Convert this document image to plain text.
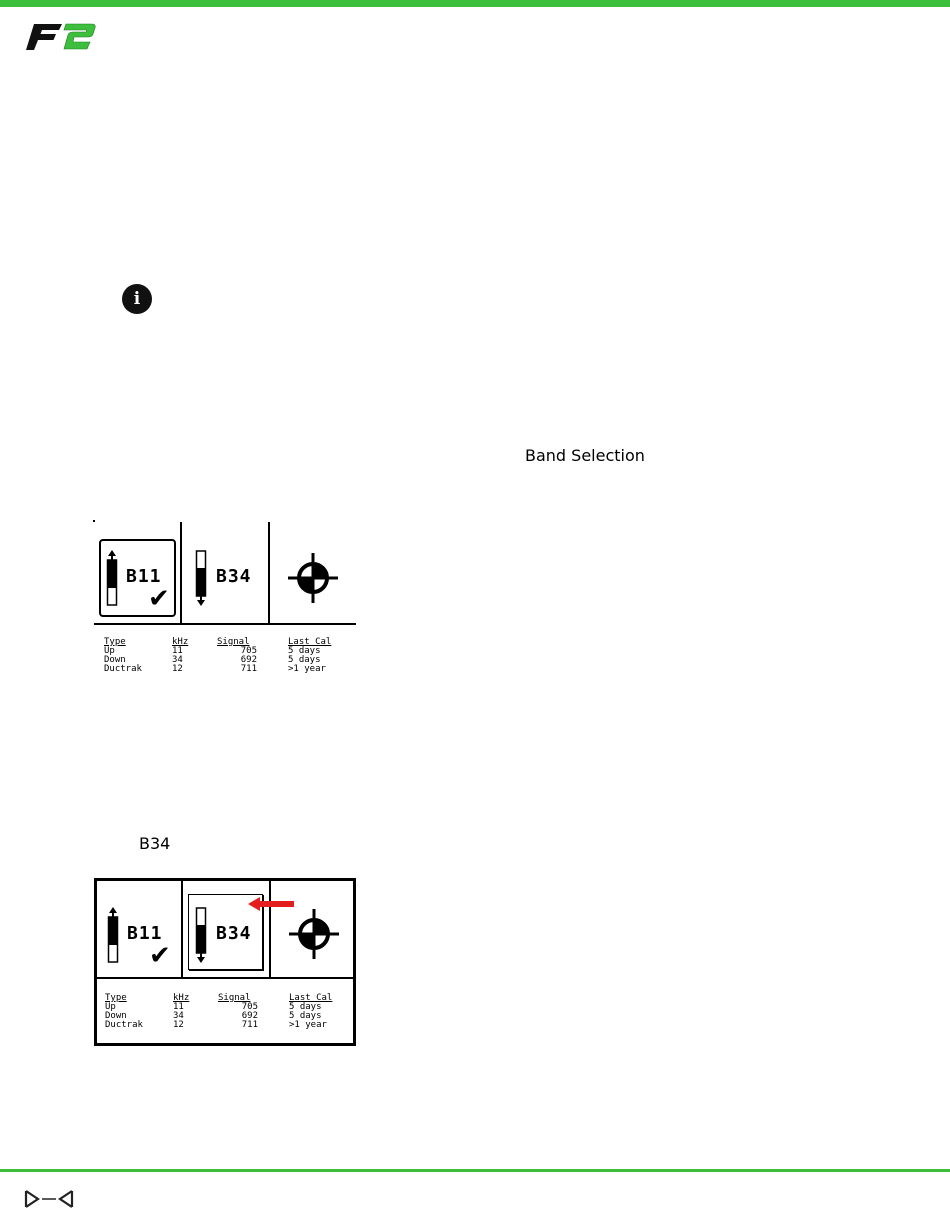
i
Band Selection
B11
✔
B34
Type	kHz	Signal	Last Cal
Up	11	705	5 days
Down	34	692	5 days
Ductrak	12	711	>1 year
B34
B11
✔
B34
Type	kHz	Signal	Last Cal
Up	11	705	5 days
Down	34	692	5 days
Ductrak	12	711	>1 year
